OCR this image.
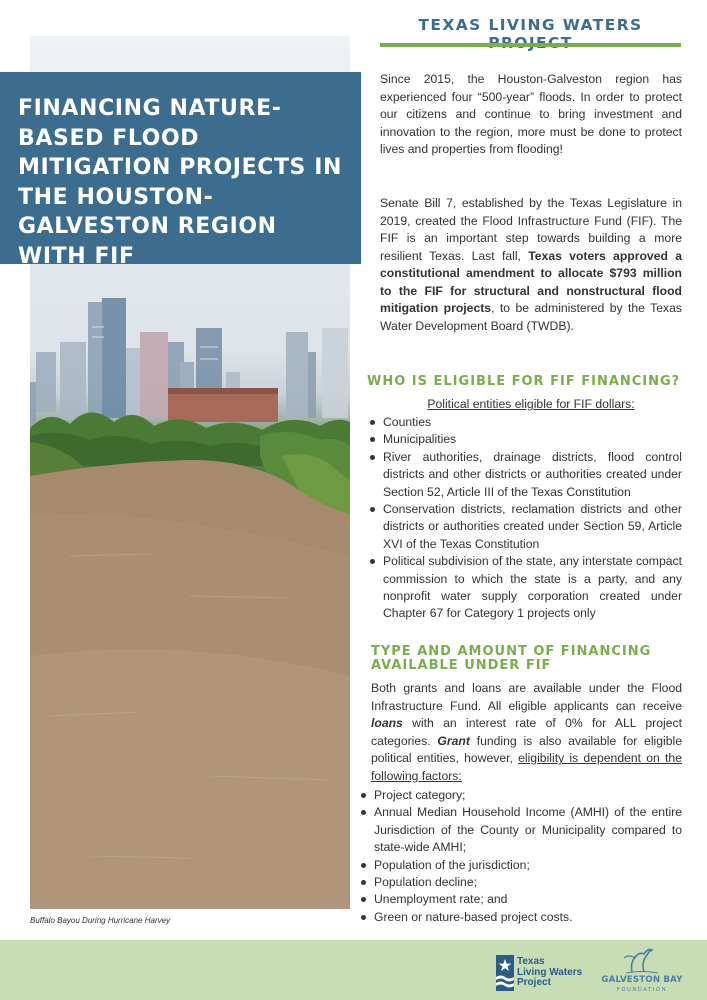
FINANCING NATURE-BASED FLOOD MITIGATION PROJECTS IN THE HOUSTON-GALVESTON REGION WITH FIF
TEXAS LIVING WATERS

Since 2015, the Houston-Galveston region has experienced four “500-year” floods. In order to protect our citizens and continue to bring investment and innovation to the region, more must be done to protect lives and properties from flooding!

Senate Bill 7, established by the Texas Legislature in 2019, created the Flood Infrastructure Fund (FIF). The FIF is an important step towards building a more resilient Texas. Last fall, Texas voters approved a constitutional amendment to allocate $793 million to the FIF for structural and nonstructural flood mitigation projects, to be administered by the Texas Water Development Board (TWDB).

WHO IS ELIGIBLE FOR FIF FINANCING?
Political entities eligible for FIF dollars:
Counties
Municipalities
River authorities, drainage districts, flood control districts and other districts or authorities created under Section 52, Article III of the Texas Constitution
Conservation districts, reclamation districts and other districts or authorities created under Section 59, Article XVI of the Texas Constitution
Political subdivision of the state, any interstate compact commission to which the state is a party, and any nonprofit water supply corporation created under Chapter 67 for Category 1 projects only
TYPE AND AMOUNT OF FINANCING AVAILABLE UNDER FIF

Both grants and loans are available under the Flood Infrastructure Fund. All eligible applicants can receive loans with an interest rate of 0% for ALL project categories. Grant funding is also available for eligible political entities, however, eligibility is dependent on the following factors:

Project category;
Annual Median Household Income (AMHI) of the entire Jurisdiction of the County or Municipality compared to state-wide AMHI;
Population of the jurisdiction;
Population decline;
Unemployment rate; and
Green or nature-based project costs.
Buffalo Bayou During Hurricane Harvey
Texas
Living Waters
Project	GALVESTON BAY
FOUNDATION
